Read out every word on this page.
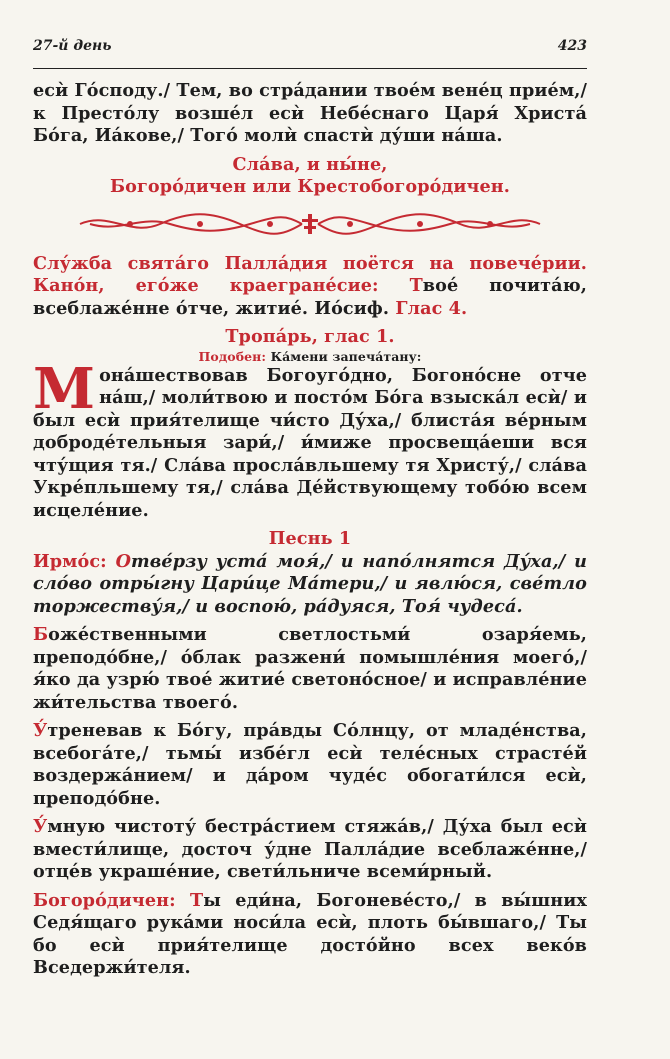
27-й день	423

есѝ Го́споду./ Тем, во стра́дании твое́м вене́ц прие́м,/ к Престо́лу возше́л есѝ Небе́снаго Царя́ Христа́ Бо́га, Иа́кове,/ Того́ молѝ спастѝ ду́ши на́ша.

Сла́ва, и ны́не,

Богоро́дичен или Крестобогоро́дичен.

Слу́жба свята́го Палла́дия поётся на повече́рии. Кано́н, его́же краегране́сие: Твое́ почита́ю, всеблаже́нне о́тче, житие́. Ио́сиф. Глас 4.

Тропа́рь, глас 1.

Подобен: Ка́мени запеча́тану:

Мона́шествовав Богоуго́дно, Богоно́сне отче на́ш,/ моли́твою и посто́м Бо́га взыска́л есѝ/ и был есѝ прия́телище чи́сто Ду́ха,/ блиста́я ве́рным доброде́тельныя зари́,/ и́миже просвеща́еши вся чту́щия тя./ Сла́ва просла́вльшему тя Христу́,/ сла́ва Укре́пльшему тя,/ сла́ва Де́йствующему тобо́ю всем исцеле́ние.

Песнь 1

Ирмо́с: Отве́рзу уста́ моя́,/ и напо́лнятся Ду́ха,/ и сло́во отры́гну Цари́це Ма́тери,/ и явлю́ся, све́тло торжеству́я,/ и воспою́, ра́дуяся, Тоя́ чудеса́.

Боже́ственными светлостьми́ озаря́емь, преподо́бне,/ о́блак разжени́ помышле́ния моего́,/ я́ко да узрю́ твое́ житие́ светоно́сное/ и исправле́ние жи́тельства твоего́.

У́треневав к Бо́гу, пра́вды Со́лнцу, от младе́нства, всебога́те,/ тьмы́ избе́гл есѝ теле́сных страсте́й воздержа́нием/ и да́ром чуде́с обогати́лся есѝ, преподо́бне.

У́мную чистоту́ бестра́стием стяжа́в,/ Ду́ха был есѝ вмести́лище, досточ у́дне Палла́дие всеблаже́нне,/ отце́в украше́ние, свети́льниче всеми́рный.

Богоро́дичен: Ты еди́на, Богоневе́сто,/ в вы́шних Седя́щаго рука́ми носи́ла есѝ, плоть бы́вшаго,/ Ты бо есѝ прия́телище досто́йно всех веко́в Вседержи́теля.
